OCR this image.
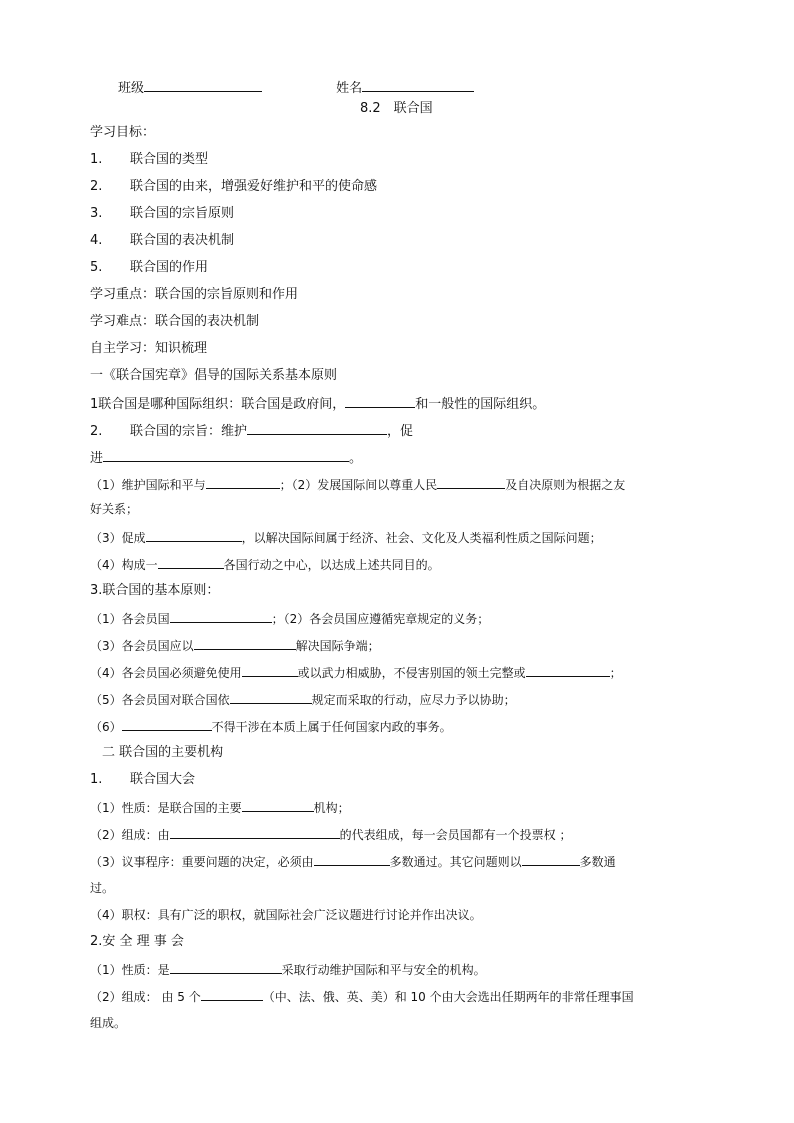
班级	姓名
8.2　联合国
学习目标：
1. 联合国的类型
2. 联合国的由来，增强爱好维护和平的使命感
3. 联合国的宗旨原则
4. 联合国的表决机制
5. 联合国的作用
学习重点：联合国的宗旨原则和作用
学习难点：联合国的表决机制
自主学习：知识梳理
一《联合国宪章》倡导的国际关系基本原则
1联合国是哪种国际组织：联合国是政府间，	和一般性的国际组织。
2. 联合国的宗旨：维护	，促
进	。
（1）维护国际和平与	；（2）发展国际间以尊重人民	及自决原则为根据之友
好关系；
（3）促成	，以解决国际间属于经济、社会、文化及人类福利性质之国际问题；
（4）构成一	各国行动之中心，以达成上述共同目的。
3.联合国的基本原则：
（1）各会员国	；（2）各会员国应遵循宪章规定的义务；
（3）各会员国应以	解决国际争端；
（4）各会员国必须避免使用	或以武力相威胁，不侵害别国的领土完整或	；
（5）各会员国对联合国依	规定而采取的行动，应尽力予以协助；
（6）	不得干涉在本质上属于任何国家内政的事务。
二 联合国的主要机构
1. 联合国大会
（1）性质：是联合国的主要	机构；
（2）组成：由	的代表组成，每一会员国都有一个投票权 ；
（3）议事程序：重要问题的决定，必须由	多数通过。其它问题则以	多数通
过。
（4）职权：具有广泛的职权，就国际社会广泛议题进行讨论并作出决议。
2.安 全 理 事 会
（1）性质：是	采取行动维护国际和平与安全的机构。
（2）组成： 由 5 个	（中、法、俄、英、美）和 10 个由大会选出任期两年的非常任理事国
组成。
